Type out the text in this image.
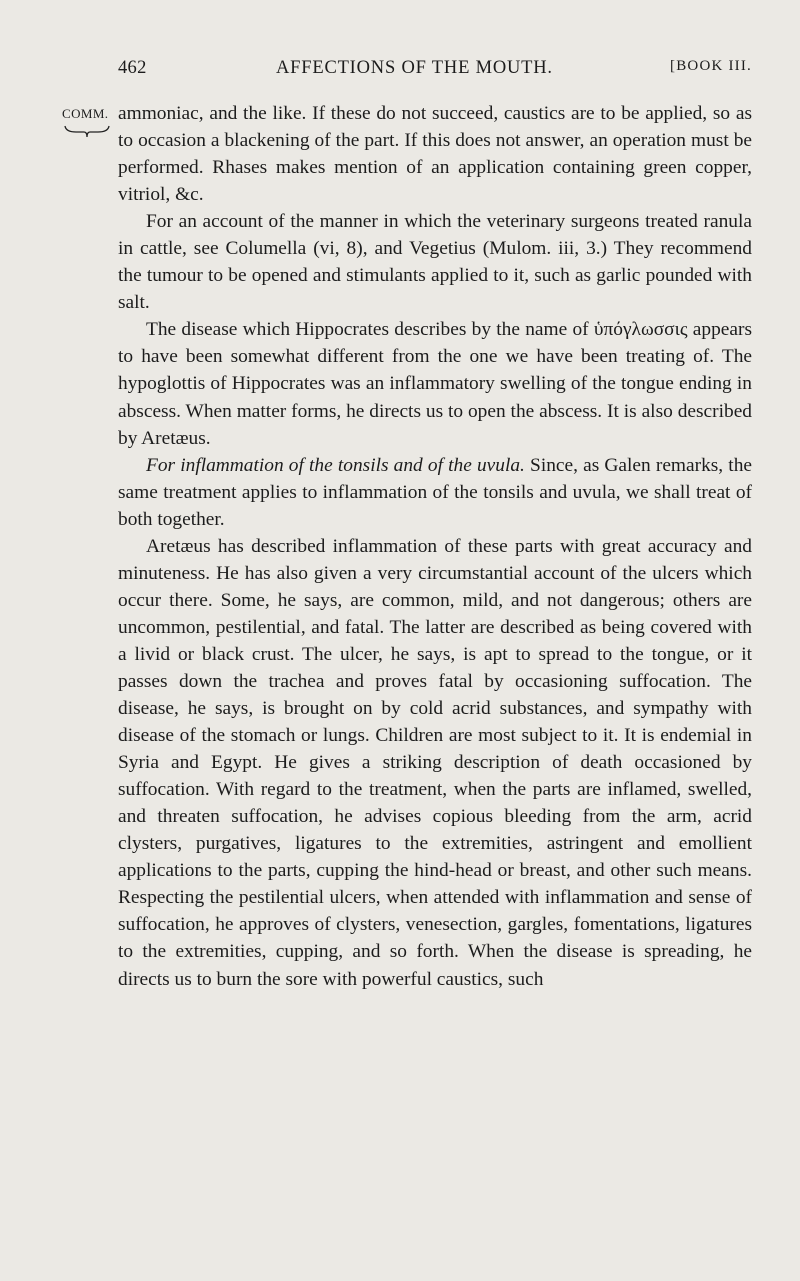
462	AFFECTIONS OF THE MOUTH.	[BOOK III.
COMM. ammoniac, and the like. If these do not succeed, caustics are to be applied, so as to occasion a blackening of the part. If this does not answer, an operation must be performed. Rhases makes mention of an application containing green copper, vitriol, &c.

For an account of the manner in which the veterinary surgeons treated ranula in cattle, see Columella (vi, 8), and Vegetius (Mulom. iii, 3.) They recommend the tumour to be opened and stimulants applied to it, such as garlic pounded with salt.

The disease which Hippocrates describes by the name of ὑπόγλωσσις appears to have been somewhat different from the one we have been treating of. The hypoglottis of Hippocrates was an inflammatory swelling of the tongue ending in abscess. When matter forms, he directs us to open the abscess. It is also described by Aretæus.

For inflammation of the tonsils and of the uvula. Since, as Galen remarks, the same treatment applies to inflammation of the tonsils and uvula, we shall treat of both together.

Aretæus has described inflammation of these parts with great accuracy and minuteness. He has also given a very circumstantial account of the ulcers which occur there. Some, he says, are common, mild, and not dangerous; others are uncommon, pestilential, and fatal. The latter are described as being covered with a livid or black crust. The ulcer, he says, is apt to spread to the tongue, or it passes down the trachea and proves fatal by occasioning suffocation. The disease, he says, is brought on by cold acrid substances, and sympathy with disease of the stomach or lungs. Children are most subject to it. It is endemial in Syria and Egypt. He gives a striking description of death occasioned by suffocation. With regard to the treatment, when the parts are inflamed, swelled, and threaten suffocation, he advises copious bleeding from the arm, acrid clysters, purgatives, ligatures to the extremities, astringent and emollient applications to the parts, cupping the hind-head or breast, and other such means. Respecting the pestilential ulcers, when attended with inflammation and sense of suffocation, he approves of clysters, venesection, gargles, fomentations, ligatures to the extremities, cupping, and so forth. When the disease is spreading, he directs us to burn the sore with powerful caustics, such
